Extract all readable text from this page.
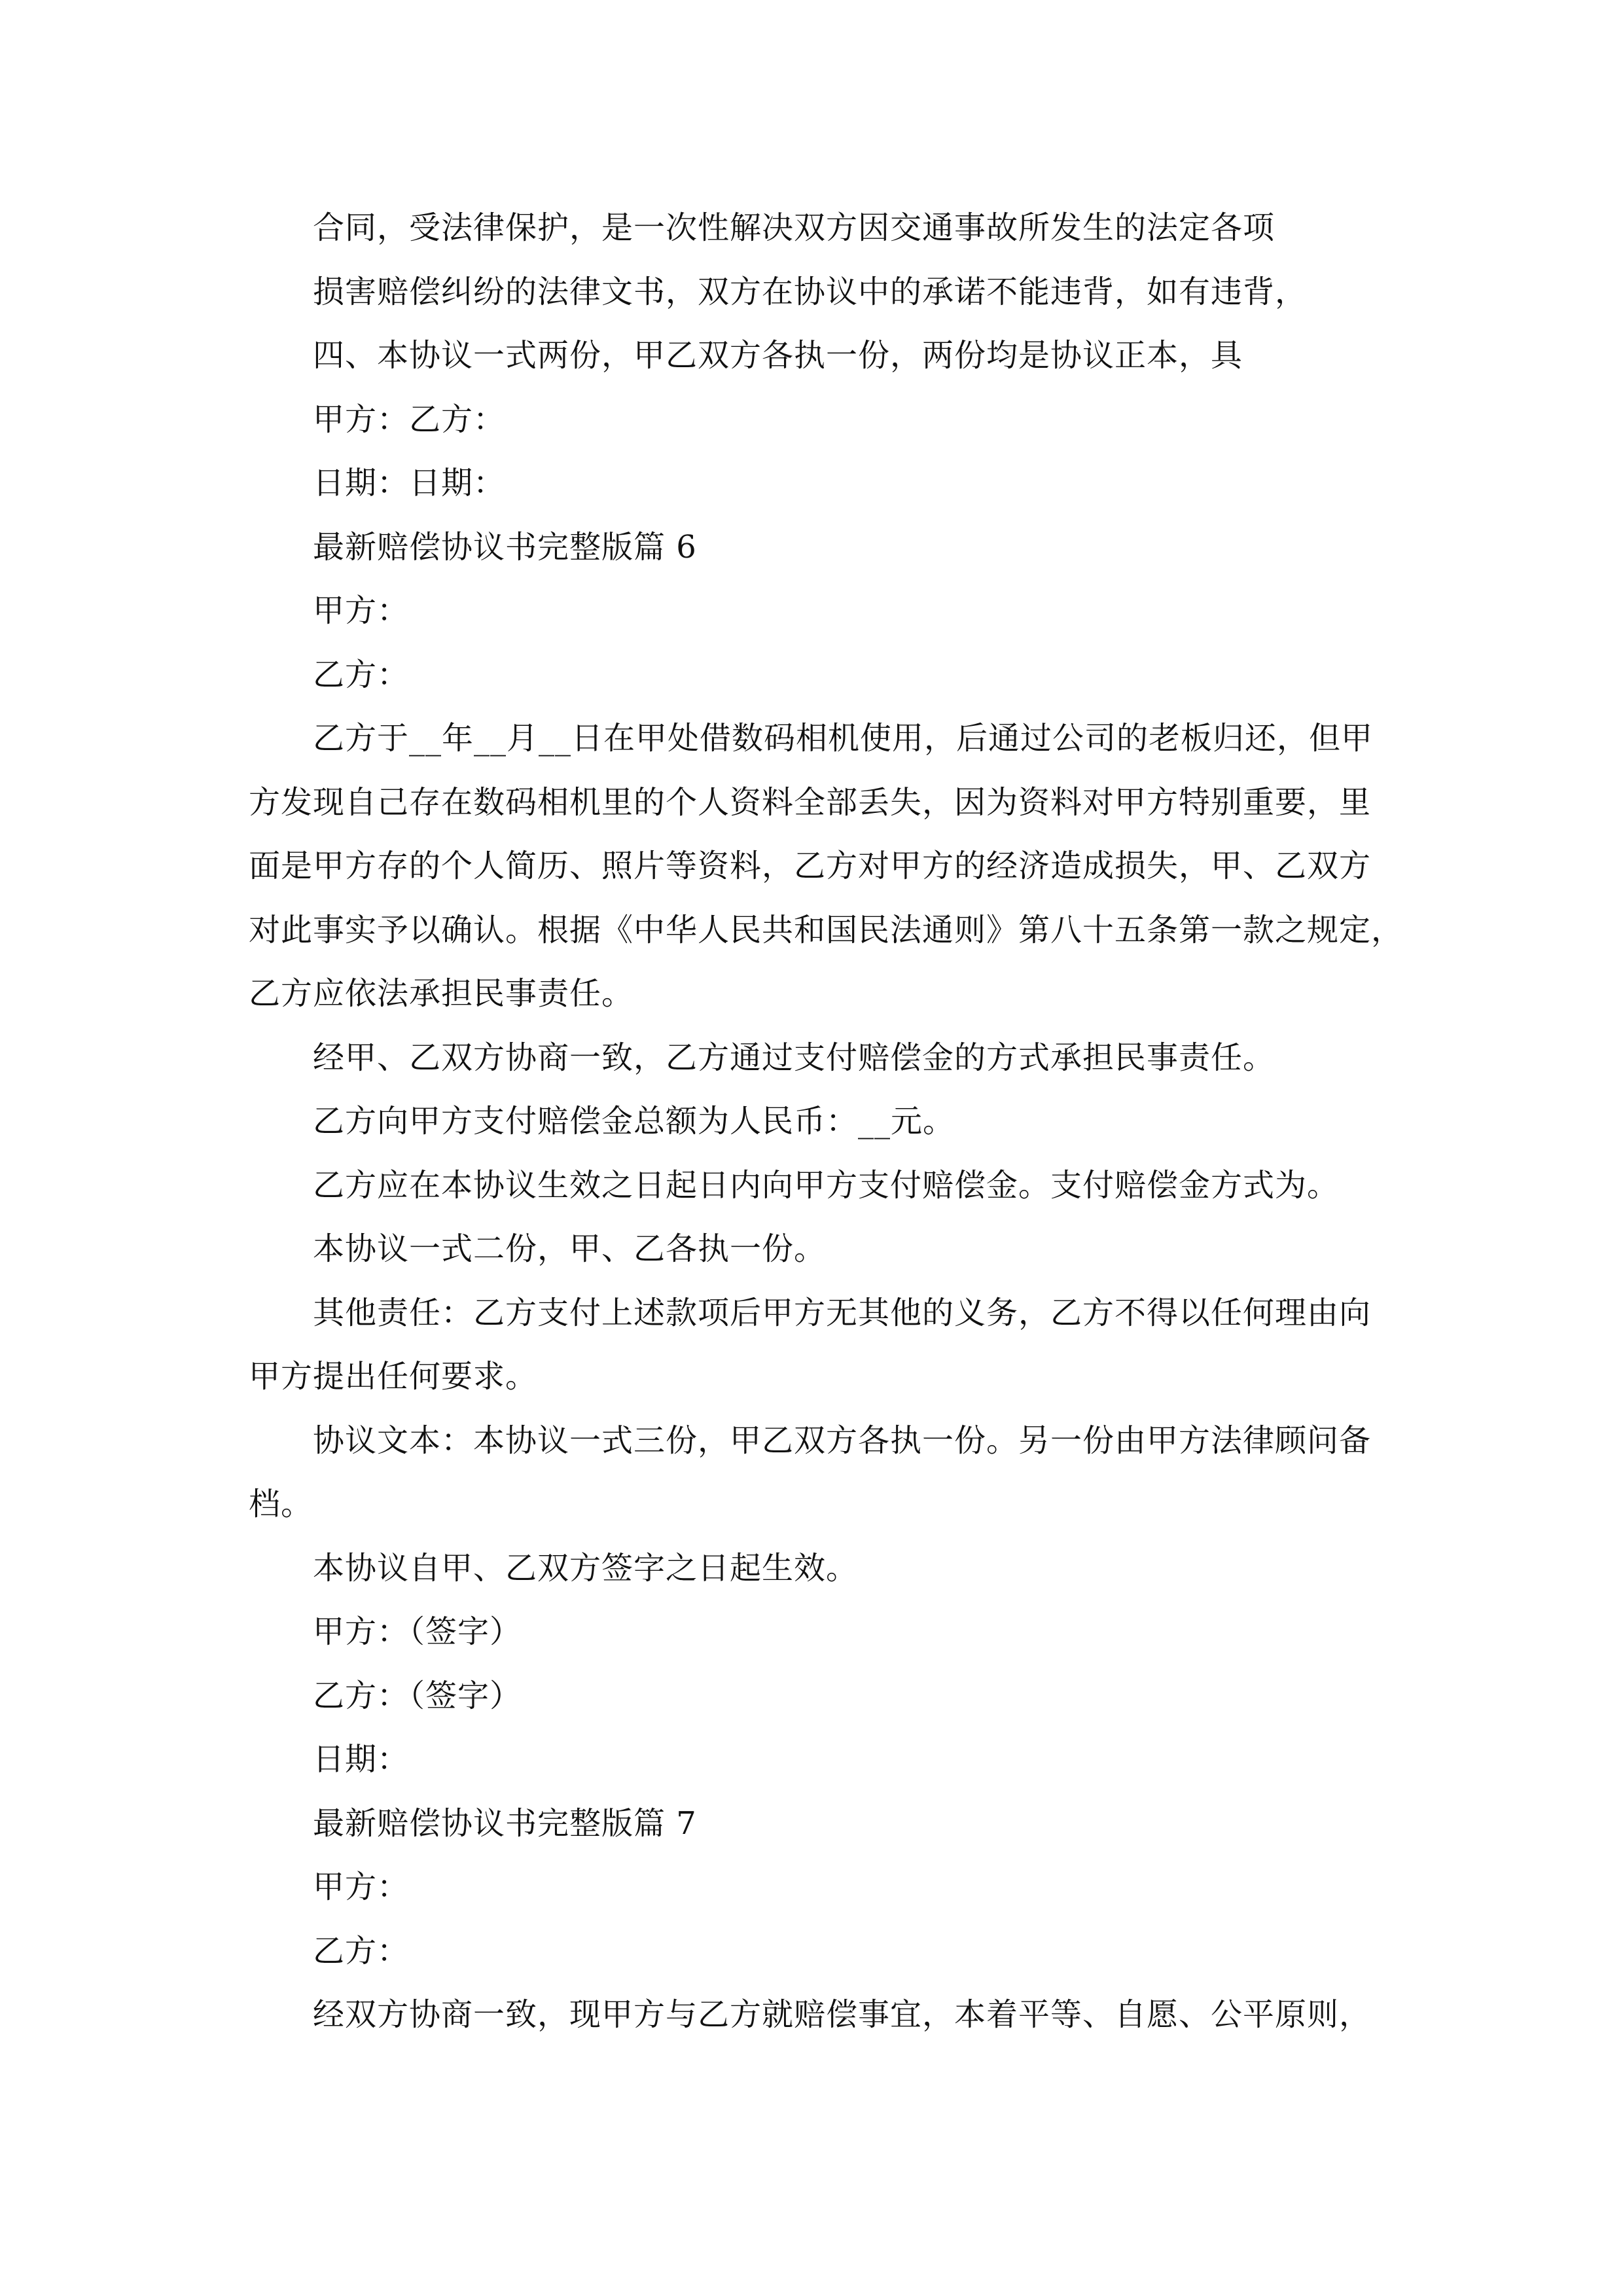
合同，受法律保护，是一次性解决双方因交通事故所发生的法定各项
损害赔偿纠纷的法律文书，双方在协议中的承诺不能违背，如有违背，
四、本协议一式两份，甲乙双方各执一份，两份均是协议正本，具
甲方：乙方：
日期：日期：
最新赔偿协议书完整版篇 6
甲方：
乙方：
乙方于__年__月__日在甲处借数码相机使用，后通过公司的老板归还，但甲
方发现自己存在数码相机里的个人资料全部丢失，因为资料对甲方特别重要，里
面是甲方存的个人简历、照片等资料，乙方对甲方的经济造成损失，甲、乙双方
对此事实予以确认。根据《中华人民共和国民法通则》第八十五条第一款之规定，
乙方应依法承担民事责任。
经甲、乙双方协商一致，乙方通过支付赔偿金的方式承担民事责任。
乙方向甲方支付赔偿金总额为人民币：__元。
乙方应在本协议生效之日起日内向甲方支付赔偿金。支付赔偿金方式为。
本协议一式二份，甲、乙各执一份。
其他责任：乙方支付上述款项后甲方无其他的义务，乙方不得以任何理由向
甲方提出任何要求。
协议文本：本协议一式三份，甲乙双方各执一份。另一份由甲方法律顾问备
档。
本协议自甲、乙双方签字之日起生效。
甲方：（签字）
乙方：（签字）
日期：
最新赔偿协议书完整版篇 7
甲方：
乙方：
经双方协商一致，现甲方与乙方就赔偿事宜，本着平等、自愿、公平原则，
